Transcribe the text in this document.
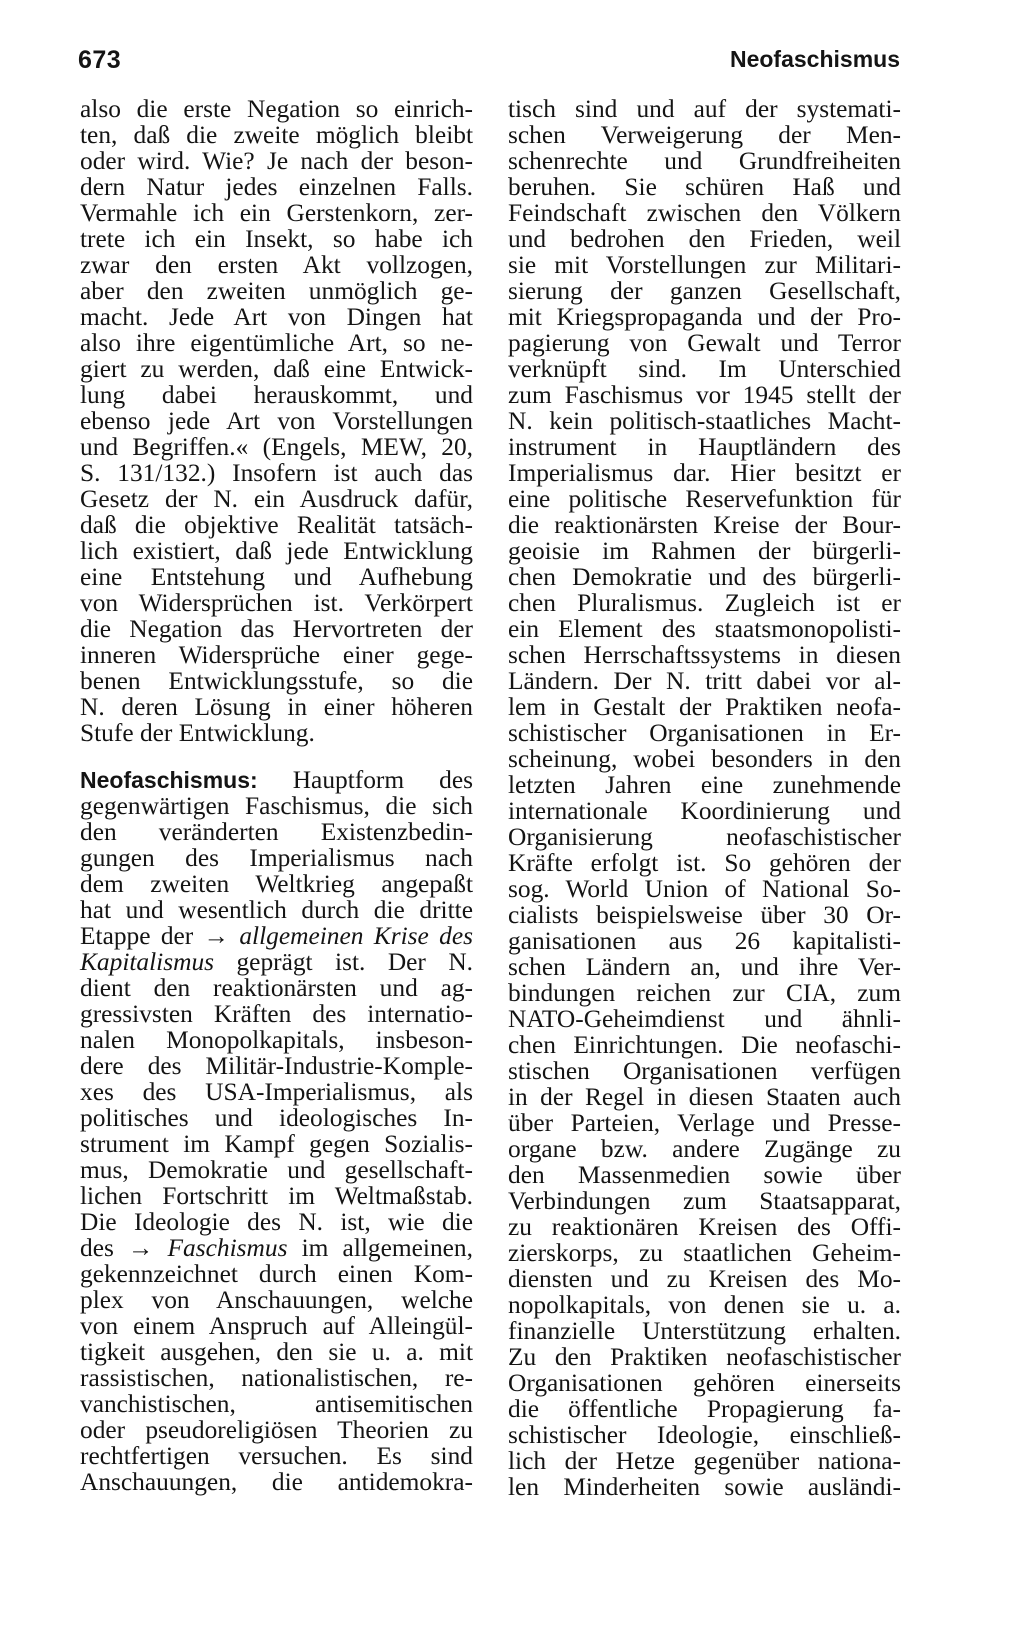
673	Neofaschismus
also die erste Negation so einrich-
ten, daß die zweite möglich bleibt
oder wird. Wie? Je nach der beson-
dern Natur jedes einzelnen Falls.
Vermahle ich ein Gerstenkorn, zer-
trete ich ein Insekt, so habe ich
zwar den ersten Akt vollzogen,
aber den zweiten unmöglich ge-
macht. Jede Art von Dingen hat
also ihre eigentümliche Art, so ne-
giert zu werden, daß eine Entwick-
lung dabei herauskommt, und
ebenso jede Art von Vorstellungen
und Begriffen.« (Engels, MEW, 20,
S. 131/132.) Insofern ist auch das
Gesetz der N. ein Ausdruck dafür,
daß die objektive Realität tatsäch-
lich existiert, daß jede Entwicklung
eine Entstehung und Aufhebung
von Widersprüchen ist. Verkörpert
die Negation das Hervortreten der
inneren Widersprüche einer gege-
benen Entwicklungsstufe, so die
N. deren Lösung in einer höheren
Stufe der Entwicklung.
Neofaschismus: Hauptform des
gegenwärtigen Faschismus, die sich
den veränderten Existenzbedin-
gungen des Imperialismus nach
dem zweiten Weltkrieg angepaßt
hat und wesentlich durch die dritte
Etappe der → allgemeinen Krise des
Kapitalismus geprägt ist. Der N.
dient den reaktionärsten und ag-
gressivsten Kräften des internatio-
nalen Monopolkapitals, insbeson-
dere des Militär-Industrie-Komple-
xes des USA-Imperialismus, als
politisches und ideologisches In-
strument im Kampf gegen Sozialis-
mus, Demokratie und gesellschaft-
lichen Fortschritt im Weltmaßstab.
Die Ideologie des N. ist, wie die
des → Faschismus im allgemeinen,
gekennzeichnet durch einen Kom-
plex von Anschauungen, welche
von einem Anspruch auf Alleingül-
tigkeit ausgehen, den sie u. a. mit
rassistischen, nationalistischen, re-
vanchistischen, antisemitischen
oder pseudoreligiösen Theorien zu
rechtfertigen versuchen. Es sind
Anschauungen, die antidemokra-
tisch sind und auf der systemati-
schen Verweigerung der Men-
schenrechte und Grundfreiheiten
beruhen. Sie schüren Haß und
Feindschaft zwischen den Völkern
und bedrohen den Frieden, weil
sie mit Vorstellungen zur Militari-
sierung der ganzen Gesellschaft,
mit Kriegspropaganda und der Pro-
pagierung von Gewalt und Terror
verknüpft sind. Im Unterschied
zum Faschismus vor 1945 stellt der
N. kein politisch-staatliches Macht-
instrument in Hauptländern des
Imperialismus dar. Hier besitzt er
eine politische Reservefunktion für
die reaktionärsten Kreise der Bour-
geoisie im Rahmen der bürgerli-
chen Demokratie und des bürgerli-
chen Pluralismus. Zugleich ist er
ein Element des staatsmonopolisti-
schen Herrschaftssystems in diesen
Ländern. Der N. tritt dabei vor al-
lem in Gestalt der Praktiken neofa-
schistischer Organisationen in Er-
scheinung, wobei besonders in den
letzten Jahren eine zunehmende
internationale Koordinierung und
Organisierung neofaschistischer
Kräfte erfolgt ist. So gehören der
sog. World Union of National So-
cialists beispielsweise über 30 Or-
ganisationen aus 26 kapitalisti-
schen Ländern an, und ihre Ver-
bindungen reichen zur CIA, zum
NATO-Geheimdienst und ähnli-
chen Einrichtungen. Die neofaschi-
stischen Organisationen verfügen
in der Regel in diesen Staaten auch
über Parteien, Verlage und Presse-
organe bzw. andere Zugänge zu
den Massenmedien sowie über
Verbindungen zum Staatsapparat,
zu reaktionären Kreisen des Offi-
zierskorps, zu staatlichen Geheim-
diensten und zu Kreisen des Mo-
nopolkapitals, von denen sie u. a.
finanzielle Unterstützung erhalten.
Zu den Praktiken neofaschistischer
Organisationen gehören einerseits
die öffentliche Propagierung fa-
schistischer Ideologie, einschließ-
lich der Hetze gegenüber nationa-
len Minderheiten sowie ausländi-
